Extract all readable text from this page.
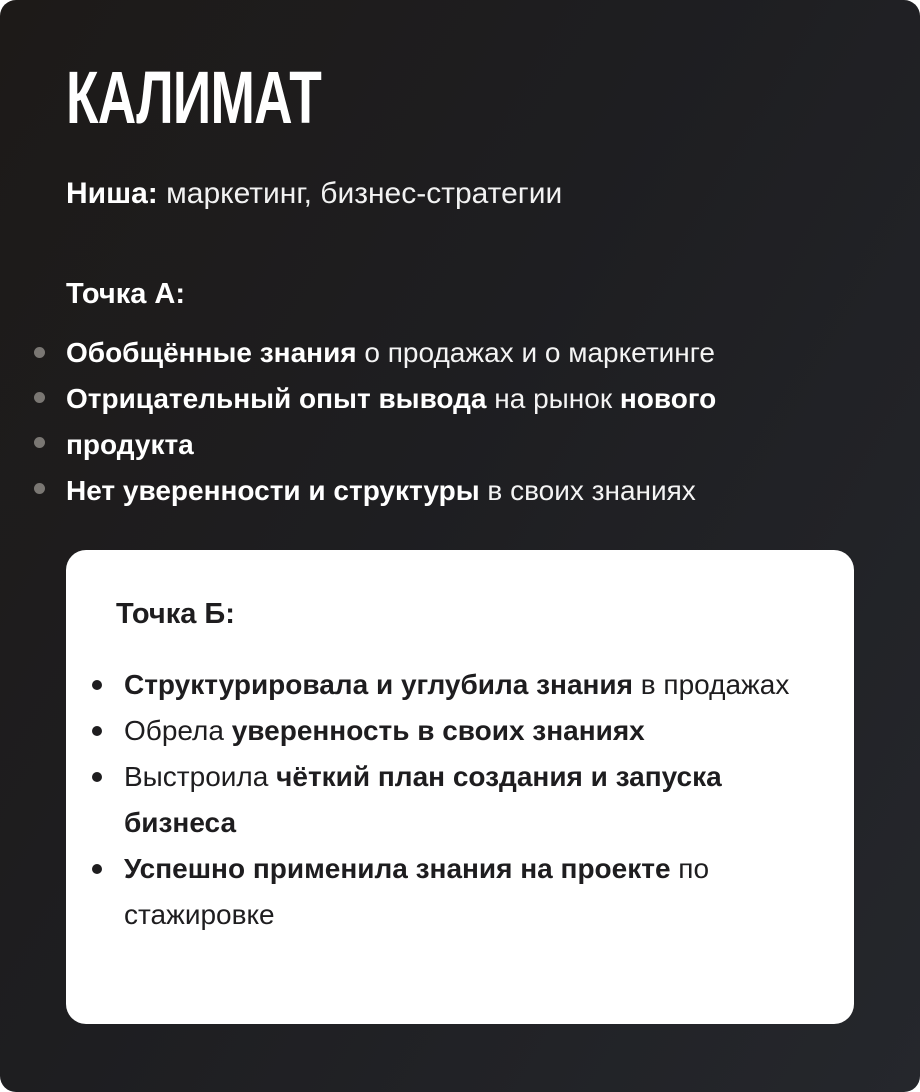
КАЛИМАТ
Ниша: маркетинг, бизнес-стратегии
Точка А:
Обобщённые знания о продажах и о маркетинге
Отрицательный опыт вывода на рынок нового
продукта
Нет уверенности и структуры в своих знаниях
Точка Б:
Структурировала и углубила знания в продажах
Обрела уверенность в своих знаниях
Выстроила чёткий план создания и запуска бизнеса
Успешно применила знания на проекте по стажировке
